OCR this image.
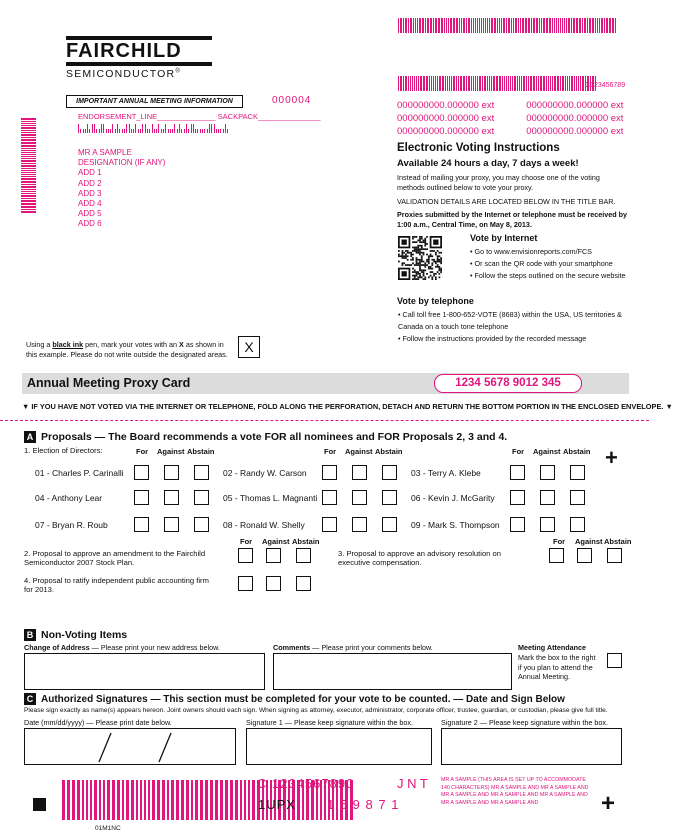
FAIRCHILD
SEMICONDUCTOR®
IMPORTANT ANNUAL MEETING INFORMATION	000004
ENDORSEMENT_LINE______________ SACKPACK_______________
MR A SAMPLE
DESIGNATION (IF ANY)
ADD 1
ADD 2
ADD 3
ADD 4
ADD 5
ADD 6
C123456789
000000000.000000 ext	000000000.000000 ext
000000000.000000 ext	000000000.000000 ext
000000000.000000 ext	000000000.000000 ext
Electronic Voting Instructions
Available 24 hours a day, 7 days a week!
Instead of mailing your proxy, you may choose one of the voting methods outlined below to vote your proxy.
VALIDATION DETAILS ARE LOCATED BELOW IN THE TITLE BAR.
Proxies submitted by the Internet or telephone must be received by 1:00 a.m., Central Time, on May 8, 2013.
Vote by Internet
• Go to www.envisionreports.com/FCS
• Or scan the QR code with your smartphone
• Follow the steps outlined on the secure website
Vote by telephone
• Call toll free 1-800-652-VOTE (8683) within the USA, US territories & Canada on a touch tone telephone
• Follow the instructions provided by the recorded message
Using a black ink pen, mark your votes with an X as shown in this example. Please do not write outside the designated areas.	X
Annual Meeting Proxy Card	1234 5678 9012 345
▼ IF YOU HAVE NOT VOTED VIA THE INTERNET OR TELEPHONE, FOLD ALONG THE PERFORATION, DETACH AND RETURN THE BOTTOM PORTION IN THE ENCLOSED ENVELOPE. ▼
A Proposals — The Board recommends a vote FOR all nominees and FOR Proposals 2, 3 and 4.
1. Election of Directors:	+
For Against Abstain	For Against Abstain	For Against Abstain
01 - Charles P. Carinalli	02 - Randy W. Carson	03 - Terry A. Klebe
04 - Anthony Lear	05 - Thomas L. Magnanti	06 - Kevin J. McGarity
07 - Bryan R. Roub	08 - Ronald W. Shelly	09 - Mark S. Thompson
For Against Abstain	For Against Abstain
2. Proposal to approve an amendment to the Fairchild Semiconductor 2007 Stock Plan.
3. Proposal to approve an advisory resolution on executive compensation.
4. Proposal to ratify independent public accounting firm for 2013.
B Non-Voting Items
Change of Address — Please print your new address below.	Comments — Please print your comments below.	Meeting Attendance
Mark the box to the right if you plan to attend the Annual Meeting.
C Authorized Signatures — This section must be completed for your vote to be counted. — Date and Sign Below
Please sign exactly as name(s) appears hereon. Joint owners should each sign. When signing as attorney, executor, administrator, corporate officer, trustee, guardian, or custodian, please give full title.
Date (mm/dd/yyyy) — Please print date below.	Signature 1 — Please keep signature within the box.	Signature 2 — Please keep signature within the box.
C 1234567890	J N T
1UPX 1 5 9 8 7 1
MR A SAMPLE (THIS AREA IS SET UP TO ACCOMMODATE 140 CHARACTERS) MR A SAMPLE AND MR A SAMPLE AND MR A SAMPLE AND MR A SAMPLE AND MR A SAMPLE AND MR A SAMPLE AND MR A SAMPLE AND	+
01M1NC
